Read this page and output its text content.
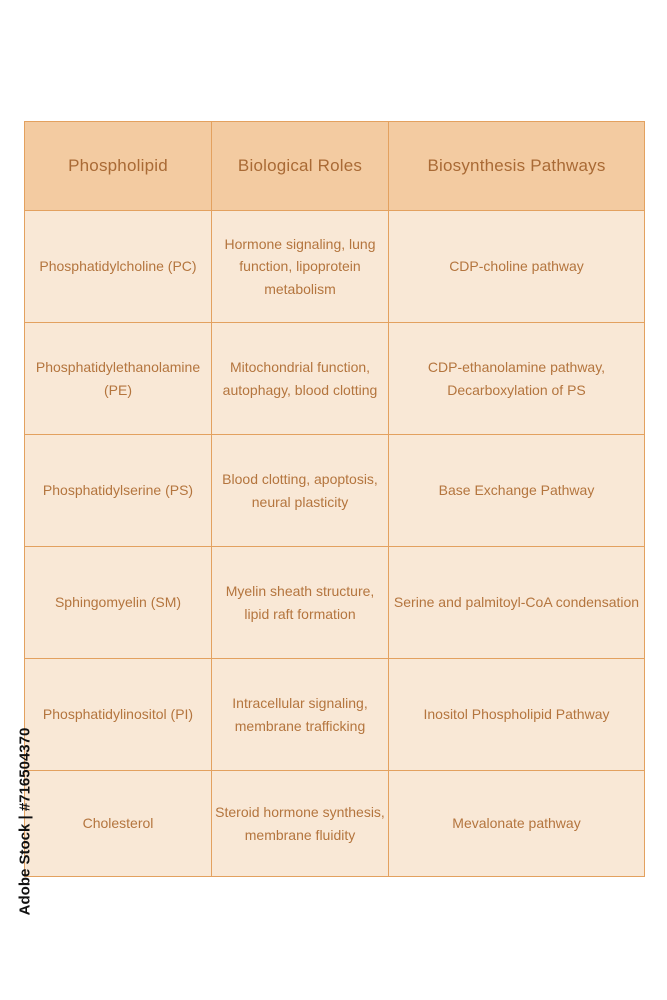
Phospholipid	Biological Roles	Biosynthesis Pathways
Phosphatidylcholine (PC)	Hormone signaling, lung function, lipoprotein metabolism	CDP-choline pathway
Phosphatidylethanolamine (PE)	Mitochondrial function, autophagy, blood clotting	CDP-ethanolamine pathway, Decarboxylation of PS
Phosphatidylserine (PS)	Blood clotting, apoptosis, neural plasticity	Base Exchange Pathway
Sphingomyelin (SM)	Myelin sheath structure, lipid raft formation	Serine and palmitoyl-CoA condensation
Phosphatidylinositol (PI)	Intracellular signaling, membrane trafficking	Inositol Phospholipid Pathway
Cholesterol	Steroid hormone synthesis, membrane fluidity	Mevalonate pathway
Adobe Stock | #716504370
